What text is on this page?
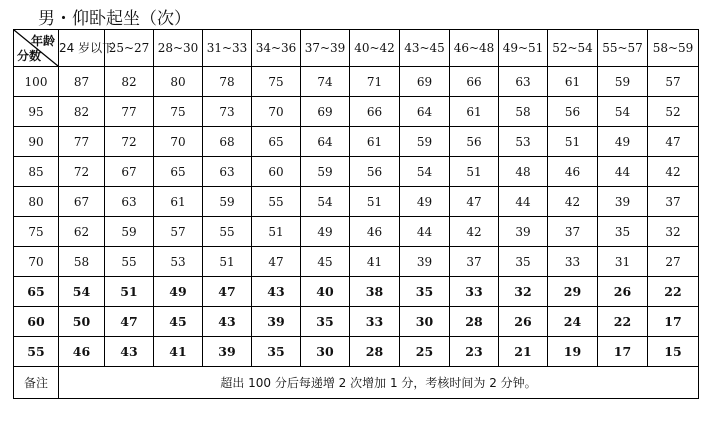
男・仰卧起坐（次）
年龄
分数	24 岁以下	25~27	28~30	31~33	34~36	37~39	40~42	43~45	46~48	49~51	52~54	55~57	58~59
100	87	82	80	78	75	74	71	69	66	63	61	59	57
95	82	77	75	73	70	69	66	64	61	58	56	54	52
90	77	72	70	68	65	64	61	59	56	53	51	49	47
85	72	67	65	63	60	59	56	54	51	48	46	44	42
80	67	63	61	59	55	54	51	49	47	44	42	39	37
75	62	59	57	55	51	49	46	44	42	39	37	35	32
70	58	55	53	51	47	45	41	39	37	35	33	31	27
65	54	51	49	47	43	40	38	35	33	32	29	26	22
60	50	47	45	43	39	35	33	30	28	26	24	22	17
55	46	43	41	39	35	30	28	25	23	21	19	17	15
备注	超出 100 分后每递增 2 次增加 1 分，考核时间为 2 分钟。												
